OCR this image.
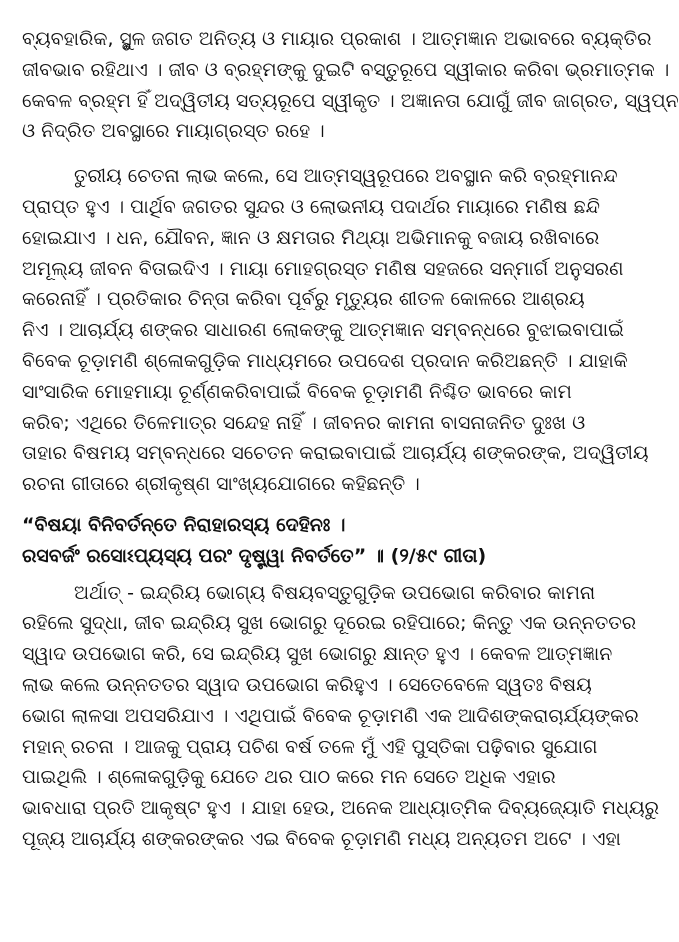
ବ୍ୟବହାରିକ, ସ୍ଥୁଳ ଜଗତ ଅନିତ୍ୟ ଓ ମାୟାର ପ୍ରକାଶ । ଆତ୍ମଜ୍ଞାନ ଅଭାବରେ ବ୍ୟକ୍ତିର
ଜୀବଭାବ ରହିଥାଏ । ଜୀବ ଓ ବ୍ରହ୍ମଙ୍କୁ ଦୁଇଟି ବସ୍ତୁରୂପେ ସ୍ୱୀକାର କରିବା ଭ୍ରମାତ୍ମକ ।
କେବଳ ବ୍ରହ୍ମ ହିଁ ଅଦ୍ୱିତୀୟ ସତ୍ୟରୂପେ ସ୍ୱୀକୃତ । ଅଜ୍ଞାନତା ଯୋଗୁଁ ଜୀବ ଜାଗ୍ରତ, ସ୍ୱପ୍ନ
ଓ ନିଦ୍ରିତ ଅବସ୍ଥାରେ ମାୟାଗ୍ରସ୍ତ ରହେ ।
ତୁରୀୟ ଚେତନା ଲାଭ କଲେ, ସେ ଆତ୍ମସ୍ୱରୂପରେ ଅବସ୍ଥାନ କରି ବ୍ରହ୍ମାନନ୍ଦ
ପ୍ରାପ୍ତ ହୁଏ । ପାର୍ଥିବ ଜଗତର ସୁନ୍ଦର ଓ ଲୋଭନୀୟ ପଦାର୍ଥର ମାୟାରେ ମଣିଷ ଛନ୍ଦି
ହୋଇଯାଏ । ଧନ, ଯୌବନ, ଜ୍ଞାନ ଓ କ୍ଷମତାର ମିଥ୍ୟା ଅଭିମାନକୁ ବଜାୟ ରଖିବାରେ
ଅମୂଲ୍ୟ ଜୀବନ ବିତାଇଦିଏ । ମାୟା ମୋହଗ୍ରସ୍ତ ମଣିଷ ସହଜରେ ସନ୍ମାର୍ଗ ଅନୁସରଣ
କରେନାହିଁ । ପ୍ରତିକାର ଚିନ୍ତା କରିବା ପୂର୍ବରୁ ମୃତ୍ୟୁର ଶୀତଳ କୋଳରେ ଆଶ୍ରୟ
ନିଏ । ଆଚାର୍ଯ୍ୟ ଶଙ୍କର ସାଧାରଣ ଲୋକଙ୍କୁ ଆତ୍ମଜ୍ଞାନ ସମ୍ବନ୍ଧରେ ବୁଝାଇବାପାଇଁ
ବିବେକ ଚୂଡ଼ାମଣି ଶ୍ଳୋକଗୁଡ଼ିକ ମାଧ୍ୟମରେ ଉପଦେଶ ପ୍ରଦାନ କରିଅଛନ୍ତି । ଯାହାକି
ସାଂସାରିକ ମୋହମାୟା ଚୂର୍ଣ୍ଣକରିବାପାଇଁ ବିବେକ ଚୂଡ଼ାମଣି ନିଶ୍ଚିତ ଭାବରେ କାମ
କରିବ; ଏଥିରେ ତିଳେମାତ୍ର ସନ୍ଦେହ ନାହିଁ । ଜୀବନର କାମନା ବାସନାଜନିତ ଦୁଃଖ ଓ
ତାହାର ବିଷମୟ ସମ୍ବନ୍ଧରେ ସଚେତନ କରାଇବାପାଇଁ ଆଚାର୍ଯ୍ୟ ଶଙ୍କରଙ୍କ, ଅଦ୍ୱିତୀୟ
ରଚନା ଗୀତାରେ ଶ୍ରୀକୃଷ୍ଣ ସାଂଖ୍ୟଯୋଗରେ କହିଛନ୍ତି ।
“ବିଷୟା ବିନିବର୍ତନ୍ତେ ନିରାହାରସ୍ୟ ଦେହିନଃ ।
ରସବର୍ଜଂ ରସୋଽପ୍ୟସ୍ୟ ପରଂ ଦୃଷ୍ଟ୍ୱା ନିବର୍ତତେ” ॥ (୨/୫୯ ଗୀତା)
ଅର୍ଥାତ୍ - ଇନ୍ଦ୍ରିୟ ଭୋଗ୍ୟ ବିଷୟବସ୍ତୁଗୁଡ଼ିକ ଉପଭୋଗ କରିବାର କାମନା
ରହିଲେ ସୁଦ୍ଧା, ଜୀବ ଇନ୍ଦ୍ରିୟ ସୁଖ ଭୋଗରୁ ଦୂରେଇ ରହିପାରେ; କିନ୍ତୁ ଏକ ଉନ୍ନତତର
ସ୍ୱାଦ ଉପଭୋଗ କରି, ସେ ଇନ୍ଦ୍ରିୟ ସୁଖ ଭୋଗରୁ କ୍ଷାନ୍ତ ହୁଏ । କେବଳ ଆତ୍ମଜ୍ଞାନ
ଲାଭ କଲେ ଉନ୍ନତତର ସ୍ୱାଦ ଉପଭୋଗ କରିହୁଏ । ସେତେବେଳେ ସ୍ୱତଃ ବିଷୟ
ଭୋଗ ଲାଳସା ଅପସରିଯାଏ । ଏଥିପାଇଁ ବିବେକ ଚୂଡ଼ାମଣି ଏକ ଆଦିଶଙ୍କରାଚାର୍ଯ୍ୟଙ୍କର
ମହାନ୍ ରଚନା । ଆଜକୁ ପ୍ରାୟ ପଚିଶ ବର୍ଷ ତଳେ ମୁଁ ଏହି ପୁସ୍ତିକା ପଢ଼ିବାର ସୁଯୋଗ
ପାଇଥିଲି । ଶ୍ଳୋକଗୁଡ଼ିକୁ ଯେତେ ଥର ପାଠ କରେ ମନ ସେତେ ଅଧିକ ଏହାର
ଭାବଧାରା ପ୍ରତି ଆକୃଷ୍ଟ ହୁଏ । ଯାହା ହେଉ, ଅନେକ ଆଧ୍ୟାତ୍ମିକ ଦିବ୍ୟଜ୍ୟୋତି ମଧ୍ୟରୁ
ପୂଜ୍ୟ ଆଚାର୍ଯ୍ୟ ଶଙ୍କରଙ୍କର ଏଇ ବିବେକ ଚୂଡ଼ାମଣି ମଧ୍ୟ ଅନ୍ୟତମ ଅଟେ । ଏହା
